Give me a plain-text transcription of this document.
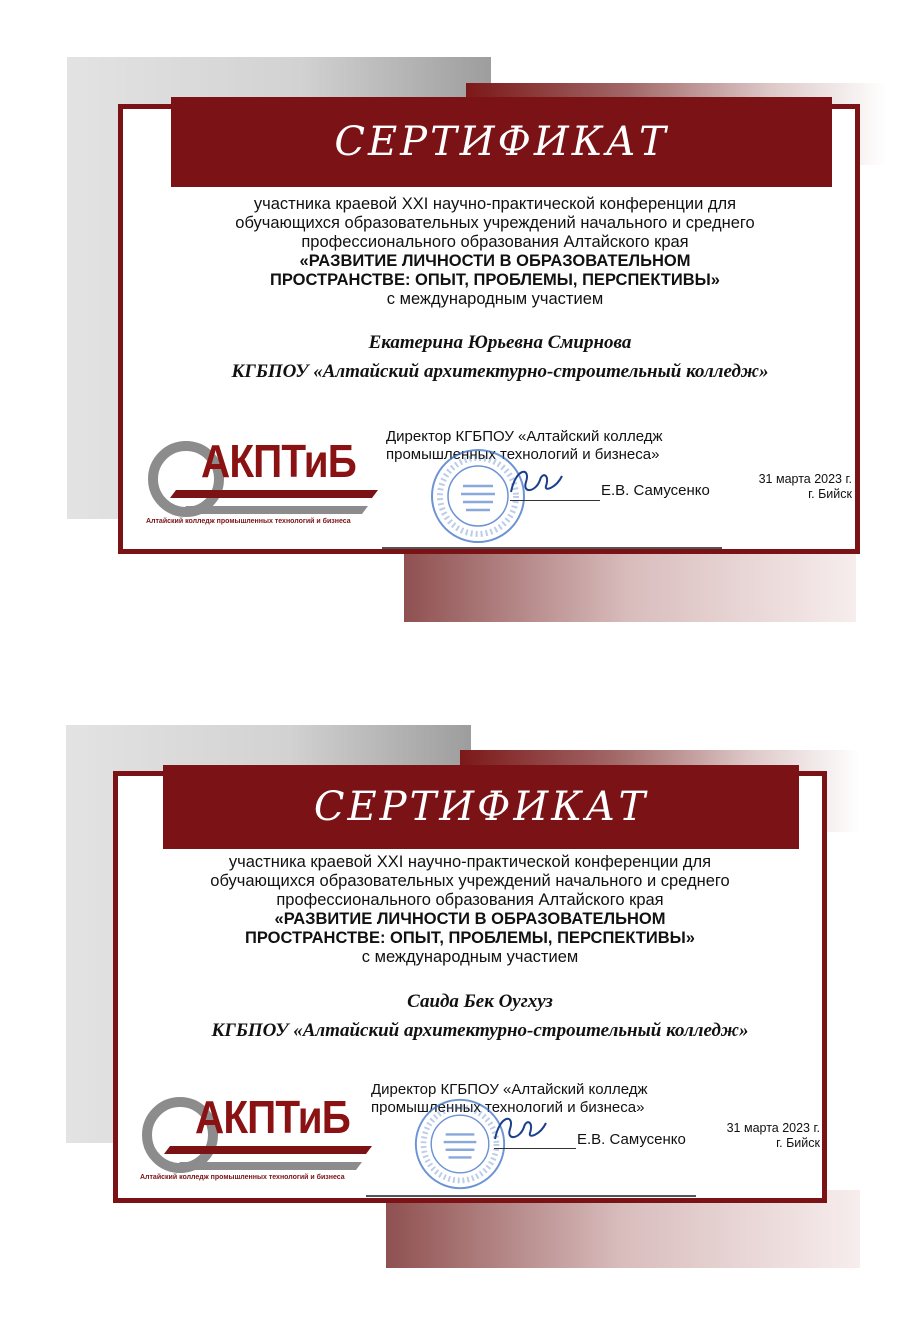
СЕРТИФИКАТ
участника краевой XXI научно-практической конференции для
обучающихся образовательных учреждений начального и среднего
профессионального образования Алтайского края
«РАЗВИТИЕ ЛИЧНОСТИ В ОБРАЗОВАТЕЛЬНОМ
ПРОСТРАНСТВЕ: ОПЫТ, ПРОБЛЕМЫ, ПЕРСПЕКТИВЫ»
с международным участием
Екатерина Юрьевна Смирнова
КГБПОУ «Алтайский архитектурно-строительный колледж»
АКПТиБ
Алтайский колледж промышленных технологий и бизнеса
Директор КГБПОУ «Алтайский колледж
промышленных технологий и бизнеса»
Е.В. Самусенко
31 марта 2023 г.
г. Бийск
СЕРТИФИКАТ
участника краевой XXI научно-практической конференции для
обучающихся образовательных учреждений начального и среднего
профессионального образования Алтайского края
«РАЗВИТИЕ ЛИЧНОСТИ В ОБРАЗОВАТЕЛЬНОМ
ПРОСТРАНСТВЕ: ОПЫТ, ПРОБЛЕМЫ, ПЕРСПЕКТИВЫ»
с международным участием
Саида Бек Оугхуз
КГБПОУ «Алтайский архитектурно-строительный колледж»
АКПТиБ
Алтайский колледж промышленных технологий и бизнеса
Директор КГБПОУ «Алтайский колледж
промышленных технологий и бизнеса»
Е.В. Самусенко
31 марта 2023 г.
г. Бийск
